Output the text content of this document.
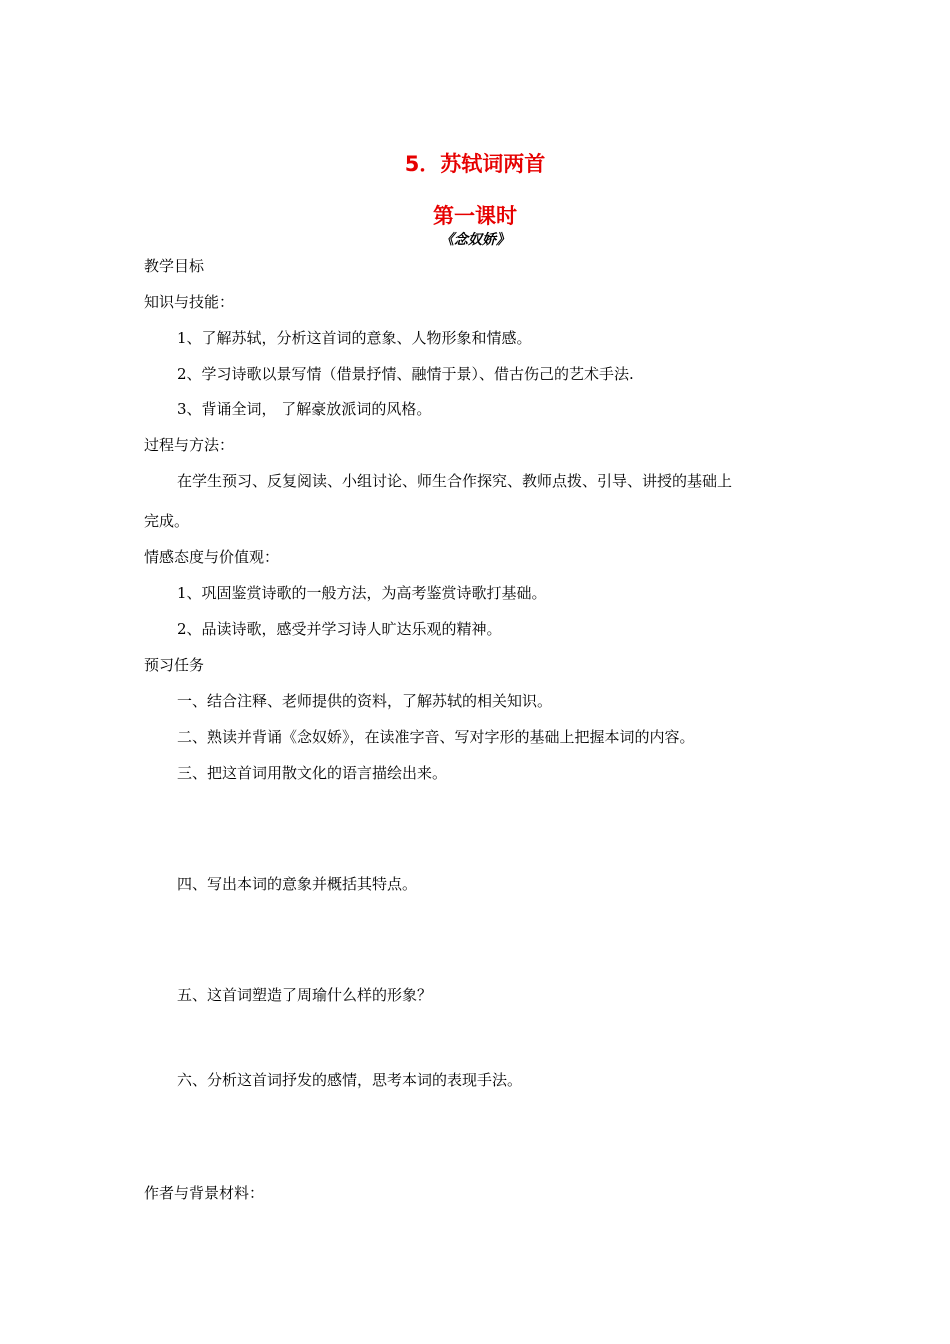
5．苏轼词两首
第一课时
《念奴娇》
教学目标
知识与技能：
1、了解苏轼，分析这首词的意象、人物形象和情感。
2、学习诗歌以景写情（借景抒情、融情于景）、借古伤己的艺术手法.
3、背诵全词， 了解豪放派词的风格。
过程与方法：
在学生预习、反复阅读、小组讨论、师生合作探究、教师点拨、引导、讲授的基础上
完成。
情感态度与价值观：
1、巩固鉴赏诗歌的一般方法，为高考鉴赏诗歌打基础。
2、品读诗歌，感受并学习诗人旷达乐观的精神。
预习任务
一、结合注释、老师提供的资料，了解苏轼的相关知识。
二、熟读并背诵《念奴娇》，在读准字音、写对字形的基础上把握本词的内容。
三、把这首词用散文化的语言描绘出来。
四、写出本词的意象并概括其特点。
五、这首词塑造了周瑜什么样的形象？
六、分析这首词抒发的感情，思考本词的表现手法。
作者与背景材料：
